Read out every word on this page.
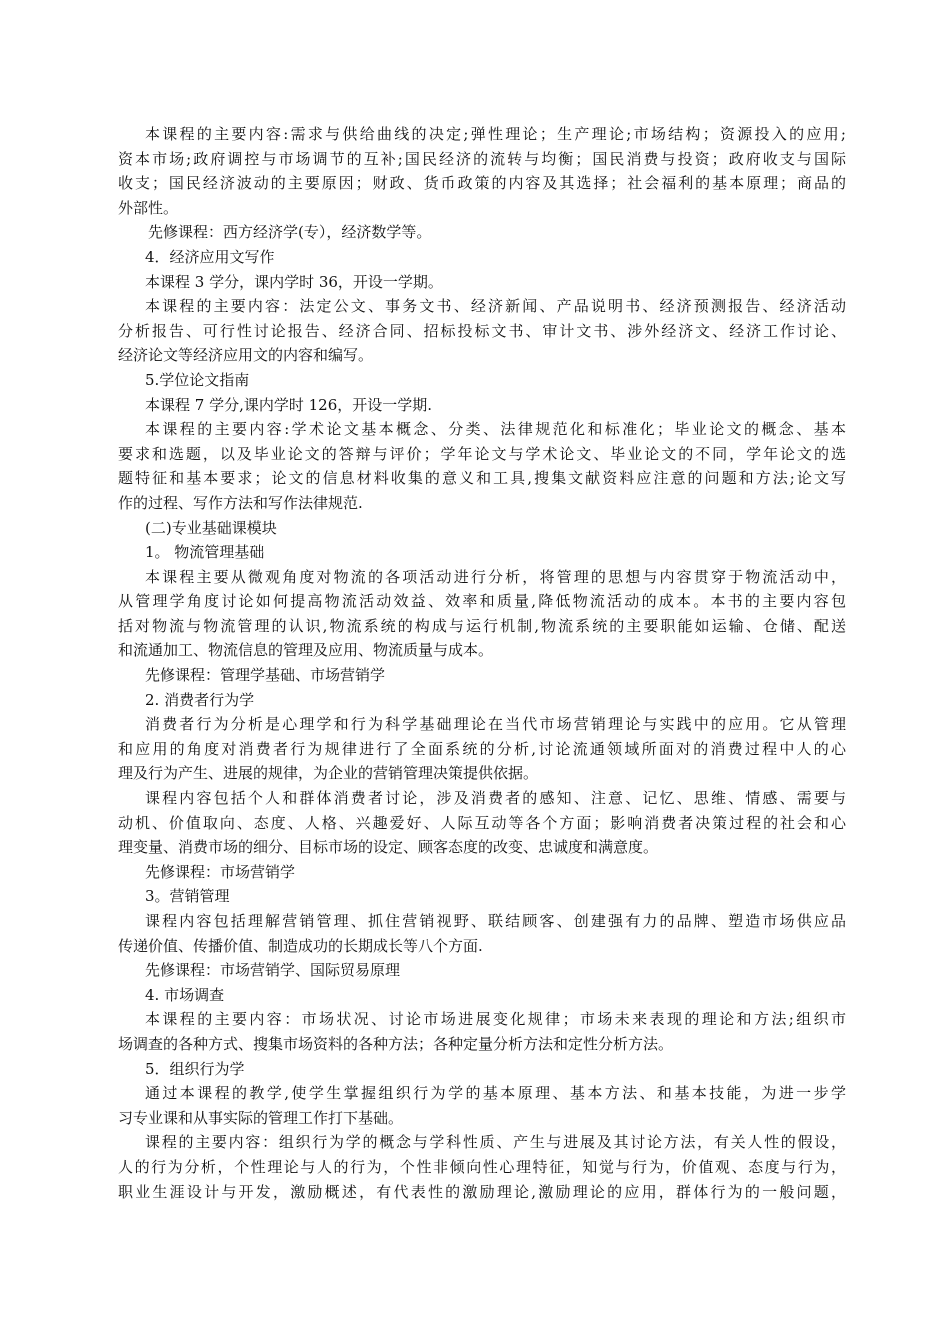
本课程的主要内容:需求与供给曲线的决定;弹性理论；生产理论;市场结构；资源投入的应用;
资本市场;政府调控与市场调节的互补;国民经济的流转与均衡；国民消费与投资；政府收支与国际
收支；国民经济波动的主要原因；财政、货币政策的内容及其选择；社会福利的基本原理；商品的
外部性。
先修课程：西方经济学(专），经济数学等。
4．经济应用文写作
本课程 3 学分，课内学时 36，开设一学期。
本课程的主要内容：法定公文、事务文书、经济新闻、产品说明书、经济预测报告、经济活动
分析报告、可行性讨论报告、经济合同、招标投标文书、审计文书、涉外经济文、经济工作讨论、
经济论文等经济应用文的内容和编写。
5.学位论文指南
本课程 7 学分,课内学时 126，开设一学期.
本课程的主要内容:学术论文基本概念、分类、法律规范化和标准化；毕业论文的概念、基本
要求和选题，以及毕业论文的答辩与评价；学年论文与学术论文、毕业论文的不同，学年论文的选
题特征和基本要求；论文的信息材料收集的意义和工具,搜集文献资料应注意的问题和方法;论文写
作的过程、写作方法和写作法律规范.
(二)专业基础课模块
1。 物流管理基础
本课程主要从微观角度对物流的各项活动进行分析，将管理的思想与内容贯穿于物流活动中，
从管理学角度讨论如何提高物流活动效益、效率和质量,降低物流活动的成本。本书的主要内容包
括对物流与物流管理的认识,物流系统的构成与运行机制,物流系统的主要职能如运输、仓储、配送
和流通加工、物流信息的管理及应用、物流质量与成本。
先修课程：管理学基础、市场营销学
2. 消费者行为学
消费者行为分析是心理学和行为科学基础理论在当代市场营销理论与实践中的应用。它从管理
和应用的角度对消费者行为规律进行了全面系统的分析,讨论流通领域所面对的消费过程中人的心
理及行为产生、进展的规律，为企业的营销管理决策提供依据。
课程内容包括个人和群体消费者讨论，涉及消费者的感知、注意、记忆、思维、情感、需要与
动机、价值取向、态度、人格、兴趣爱好、人际互动等各个方面；影响消费者决策过程的社会和心
理变量、消费市场的细分、目标市场的设定、顾客态度的改变、忠诚度和满意度。
先修课程：市场营销学
3。营销管理
课程内容包括理解营销管理、抓住营销视野、联结顾客、创建强有力的品牌、塑造市场供应品
传递价值、传播价值、制造成功的长期成长等八个方面.
先修课程：市场营销学、国际贸易原理
4. 市场调查
本课程的主要内容：市场状况、讨论市场进展变化规律；市场未来表现的理论和方法;组织市
场调查的各种方式、搜集市场资料的各种方法；各种定量分析方法和定性分析方法。
5．组织行为学
通过本课程的教学,使学生掌握组织行为学的基本原理、基本方法、和基本技能，为进一步学
习专业课和从事实际的管理工作打下基础。
课程的主要内容：组织行为学的概念与学科性质、产生与进展及其讨论方法，有关人性的假设，
人的行为分析，个性理论与人的行为，个性非倾向性心理特征，知觉与行为，价值观、态度与行为，
职业生涯设计与开发，激励概述，有代表性的激励理论,激励理论的应用，群体行为的一般问题，
